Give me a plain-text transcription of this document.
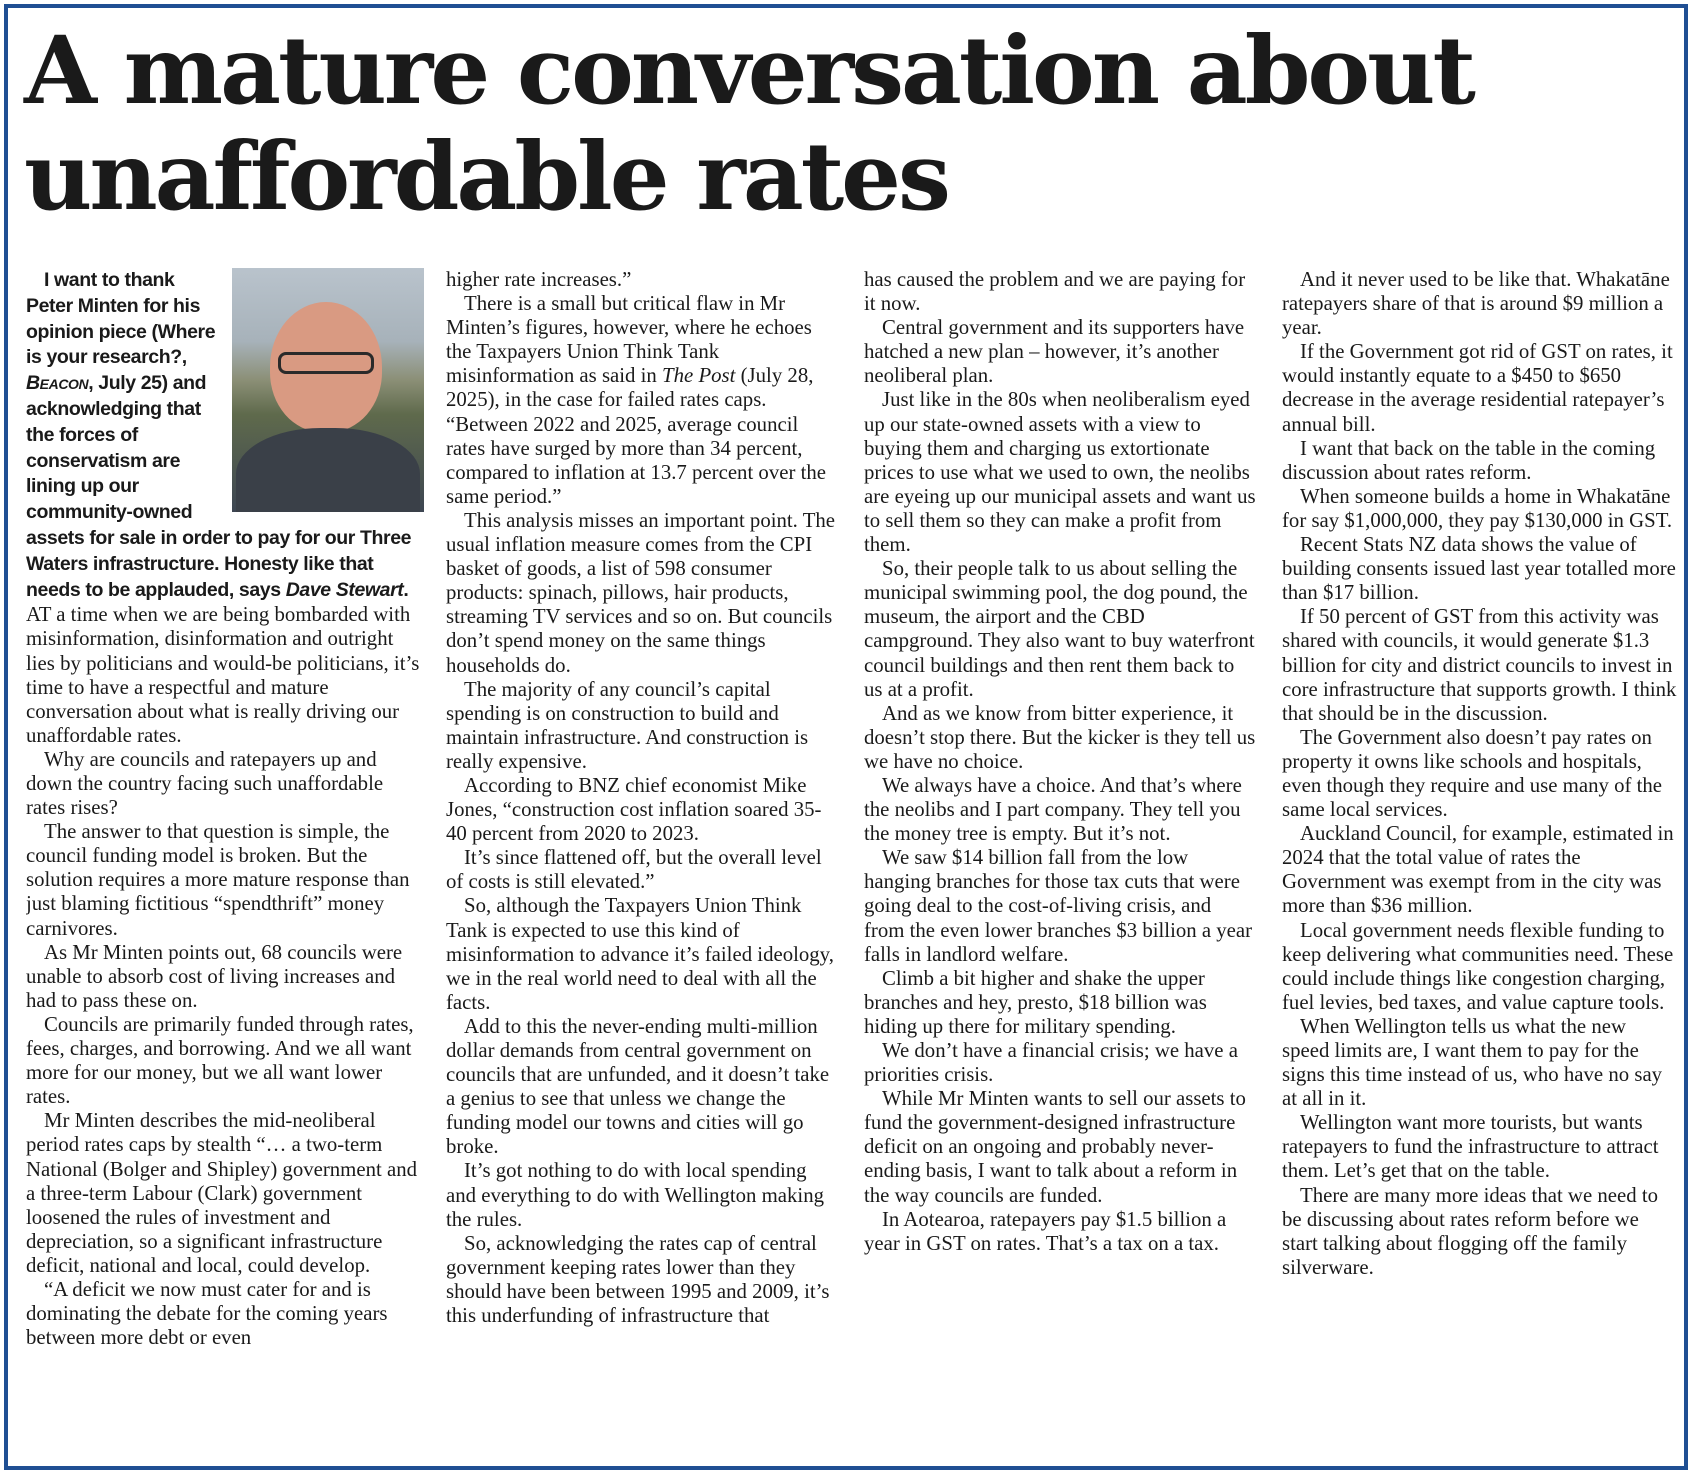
A mature conversation about unaffordable rates

I want to thank Peter Minten for his opinion piece (Where is your research?, Beacon, July 25) and acknowledging that the forces of conservatism are lining up our community-owned assets for sale in order to pay for our Three Waters infrastructure. Honesty like that needs to be applauded, says Dave Stewart.

AT a time when we are being bombarded with misinformation, disinformation and outright lies by politicians and would-be politicians, it’s time to have a respectful and mature conversation about what is really driving our unaffordable rates.

Why are councils and ratepayers up and down the country facing such unaffordable rates rises?

The answer to that question is simple, the council funding model is broken. But the solution requires a more mature response than just blaming fictitious “spendthrift” money carnivores.

As Mr Minten points out, 68 councils were unable to absorb cost of living increases and had to pass these on.

Councils are primarily funded through rates, fees, charges, and borrowing. And we all want more for our money, but we all want lower rates.

Mr Minten describes the mid-neoliberal period rates caps by stealth “… a two-term National (Bolger and Shipley) government and a three-term Labour (Clark) government loosened the rules of investment and depreciation, so a significant infrastructure deficit, national and local, could develop.

“A deficit we now must cater for and is dominating the debate for the coming years between more debt or even

higher rate increases.”

There is a small but critical flaw in Mr Minten’s figures, however, where he echoes the Taxpayers Union Think Tank misinformation as said in The Post (July 28, 2025), in the case for failed rates caps. “Between 2022 and 2025, average council rates have surged by more than 34 percent, compared to inflation at 13.7 percent over the same period.”

This analysis misses an important point. The usual inflation measure comes from the CPI basket of goods, a list of 598 consumer products: spinach, pillows, hair products, streaming TV services and so on. But councils don’t spend money on the same things households do.

The majority of any council’s capital spending is on construction to build and maintain infrastructure. And construction is really expensive.

According to BNZ chief economist Mike Jones, “construction cost inflation soared 35-40 percent from 2020 to 2023.

It’s since flattened off, but the overall level of costs is still elevated.”

So, although the Taxpayers Union Think Tank is expected to use this kind of misinformation to advance it’s failed ideology, we in the real world need to deal with all the facts.

Add to this the never-ending multi-million dollar demands from central government on councils that are unfunded, and it doesn’t take a genius to see that unless we change the funding model our towns and cities will go broke.

It’s got nothing to do with local spending and everything to do with Wellington making the rules.

So, acknowledging the rates cap of central government keeping rates lower than they should have been between 1995 and 2009, it’s this underfunding of infrastructure that

has caused the problem and we are paying for it now.

Central government and its supporters have hatched a new plan – however, it’s another neoliberal plan.

Just like in the 80s when neoliberalism eyed up our state-owned assets with a view to buying them and charging us extortionate prices to use what we used to own, the neolibs are eyeing up our municipal assets and want us to sell them so they can make a profit from them.

So, their people talk to us about selling the municipal swimming pool, the dog pound, the museum, the airport and the CBD campground. They also want to buy waterfront council buildings and then rent them back to us at a profit.

And as we know from bitter experience, it doesn’t stop there. But the kicker is they tell us we have no choice.

We always have a choice. And that’s where the neolibs and I part company. They tell you the money tree is empty. But it’s not.

We saw $14 billion fall from the low hanging branches for those tax cuts that were going deal to the cost-of-living crisis, and from the even lower branches $3 billion a year falls in landlord welfare.

Climb a bit higher and shake the upper branches and hey, presto, $18 billion was hiding up there for military spending.

We don’t have a financial crisis; we have a priorities crisis.

While Mr Minten wants to sell our assets to fund the government-designed infrastructure deficit on an ongoing and probably never-ending basis, I want to talk about a reform in the way councils are funded.

In Aotearoa, ratepayers pay $1.5 billion a year in GST on rates. That’s a tax on a tax.

And it never used to be like that. Whakatāne ratepayers share of that is around $9 million a year.

If the Government got rid of GST on rates, it would instantly equate to a $450 to $650 decrease in the average residential ratepayer’s annual bill.

I want that back on the table in the coming discussion about rates reform.

When someone builds a home in Whakatāne for say $1,000,000, they pay $130,000 in GST.

Recent Stats NZ data shows the value of building consents issued last year totalled more than $17 billion.

If 50 percent of GST from this activity was shared with councils, it would generate $1.3 billion for city and district councils to invest in core infrastructure that supports growth. I think that should be in the discussion.

The Government also doesn’t pay rates on property it owns like schools and hospitals, even though they require and use many of the same local services.

Auckland Council, for example, estimated in 2024 that the total value of rates the Government was exempt from in the city was more than $36 million.

Local government needs flexible funding to keep delivering what communities need. These could include things like congestion charging, fuel levies, bed taxes, and value capture tools.

When Wellington tells us what the new speed limits are, I want them to pay for the signs this time instead of us, who have no say at all in it.

Wellington want more tourists, but wants ratepayers to fund the infrastructure to attract them. Let’s get that on the table.

There are many more ideas that we need to be discussing about rates reform before we start talking about flogging off the family silverware.
